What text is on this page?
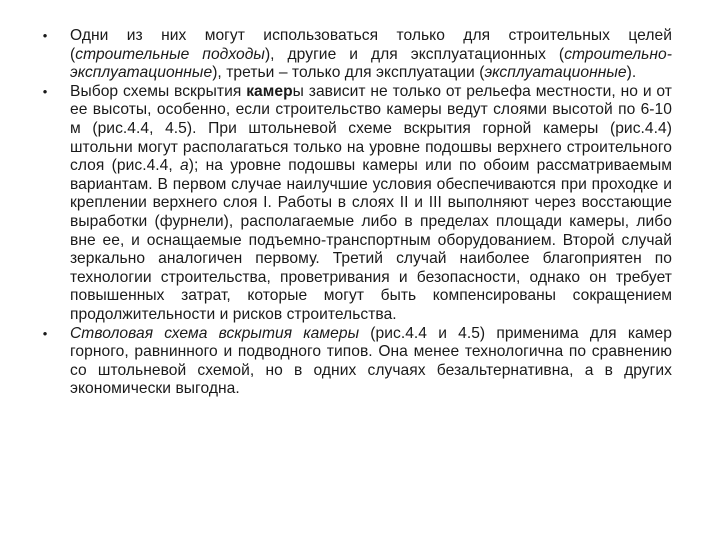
•	Одни из них могут использоваться только для строительных целей (строительные подходы), другие и для эксплуатационных (строительно-эксплуатационные), третьи – только для эксплуатации (эксплуатационные).
•	Выбор схемы вскрытия камеры зависит не только от рельефа местности, но и от ее высоты, особенно, если строительство камеры ведут слоями высотой по 6-10 м (рис.4.4, 4.5). При штольневой схеме вскрытия горной камеры (рис.4.4) штольни могут располагаться только на уровне подошвы верхнего строительного слоя (рис.4.4, а); на уровне подошвы камеры или по обоим рассматриваемым вариантам. В первом случае наилучшие условия обеспечиваются при проходке и креплении верхнего слоя I. Работы в слоях II и III выполняют через восстающие выработки (фурнели), располагаемые либо в пределах площади камеры, либо вне ее, и оснащаемые подъемно-транспортным оборудованием. Второй случай зеркально аналогичен первому. Третий случай наиболее благоприятен по технологии строительства, проветривания и безопасности, однако он требует повышенных затрат, которые могут быть компенсированы сокращением продолжительности и рисков строительства.
•	Стволовая схема вскрытия камеры (рис.4.4 и 4.5) применима для камер горного, равнинного и подводного типов. Она менее технологична по сравнению со штольневой схемой, но в одних случаях безальтернативна, а в других экономически выгодна.
